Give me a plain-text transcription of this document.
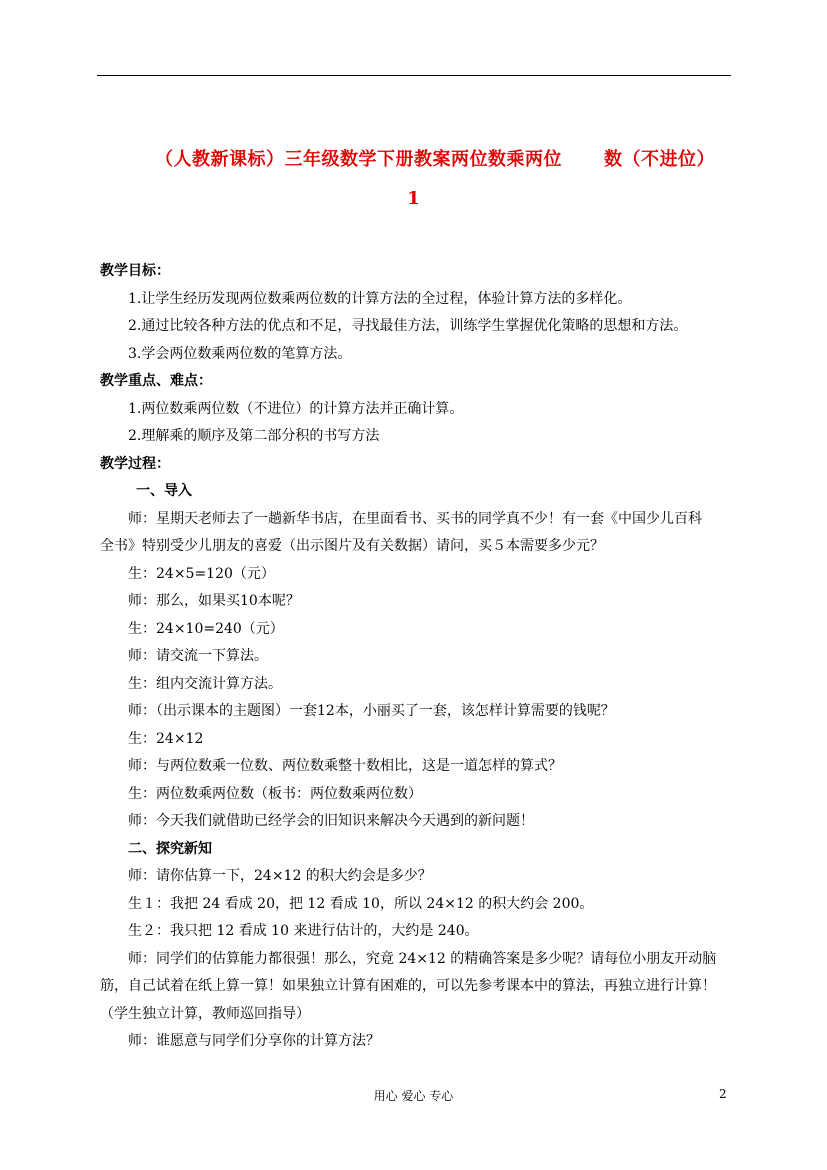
（人教新课标）三年级数学下册教案两位数乘两位 数（不进位）
1
教学目标：
1.让学生经历发现两位数乘两位数的计算方法的全过程，体验计算方法的多样化。
2.通过比较各种方法的优点和不足，寻找最佳方法，训练学生掌握优化策略的思想和方法。
3.学会两位数乘两位数的笔算方法。
教学重点、难点：
1.两位数乘两位数（不进位）的计算方法并正确计算。
2.理解乘的顺序及第二部分积的书写方法
教学过程：
一、导入
师：星期天老师去了一趟新华书店，在里面看书、买书的同学真不少！有一套《中国少儿百科
全书》特别受少儿朋友的喜爱（出示图片及有关数据）请问，买５本需要多少元？
生：24×5=120（元）
师：那么，如果买10本呢？
生：24×10=240（元）
师：请交流一下算法。
生：组内交流计算方法。
师：（出示课本的主题图）一套12本，小丽买了一套，该怎样计算需要的钱呢？
生：24×12
师：与两位数乘一位数、两位数乘整十数相比，这是一道怎样的算式？
生：两位数乘两位数（板书：两位数乘两位数）
师：今天我们就借助已经学会的旧知识来解决今天遇到的新问题！
二、探究新知
师：请你估算一下，24×12 的积大约会是多少？
生１：我把 24 看成 20，把 12 看成 10，所以 24×12 的积大约会 200。
生２：我只把 12 看成 10 来进行估计的，大约是 240。
师：同学们的估算能力都很强！那么，究竟 24×12 的精确答案是多少呢？请每位小朋友开动脑
筋，自己试着在纸上算一算！如果独立计算有困难的，可以先参考课本中的算法，再独立进行计算！
（学生独立计算，教师巡回指导）
师：谁愿意与同学们分享你的计算方法？
用心 爱心 专心	2
